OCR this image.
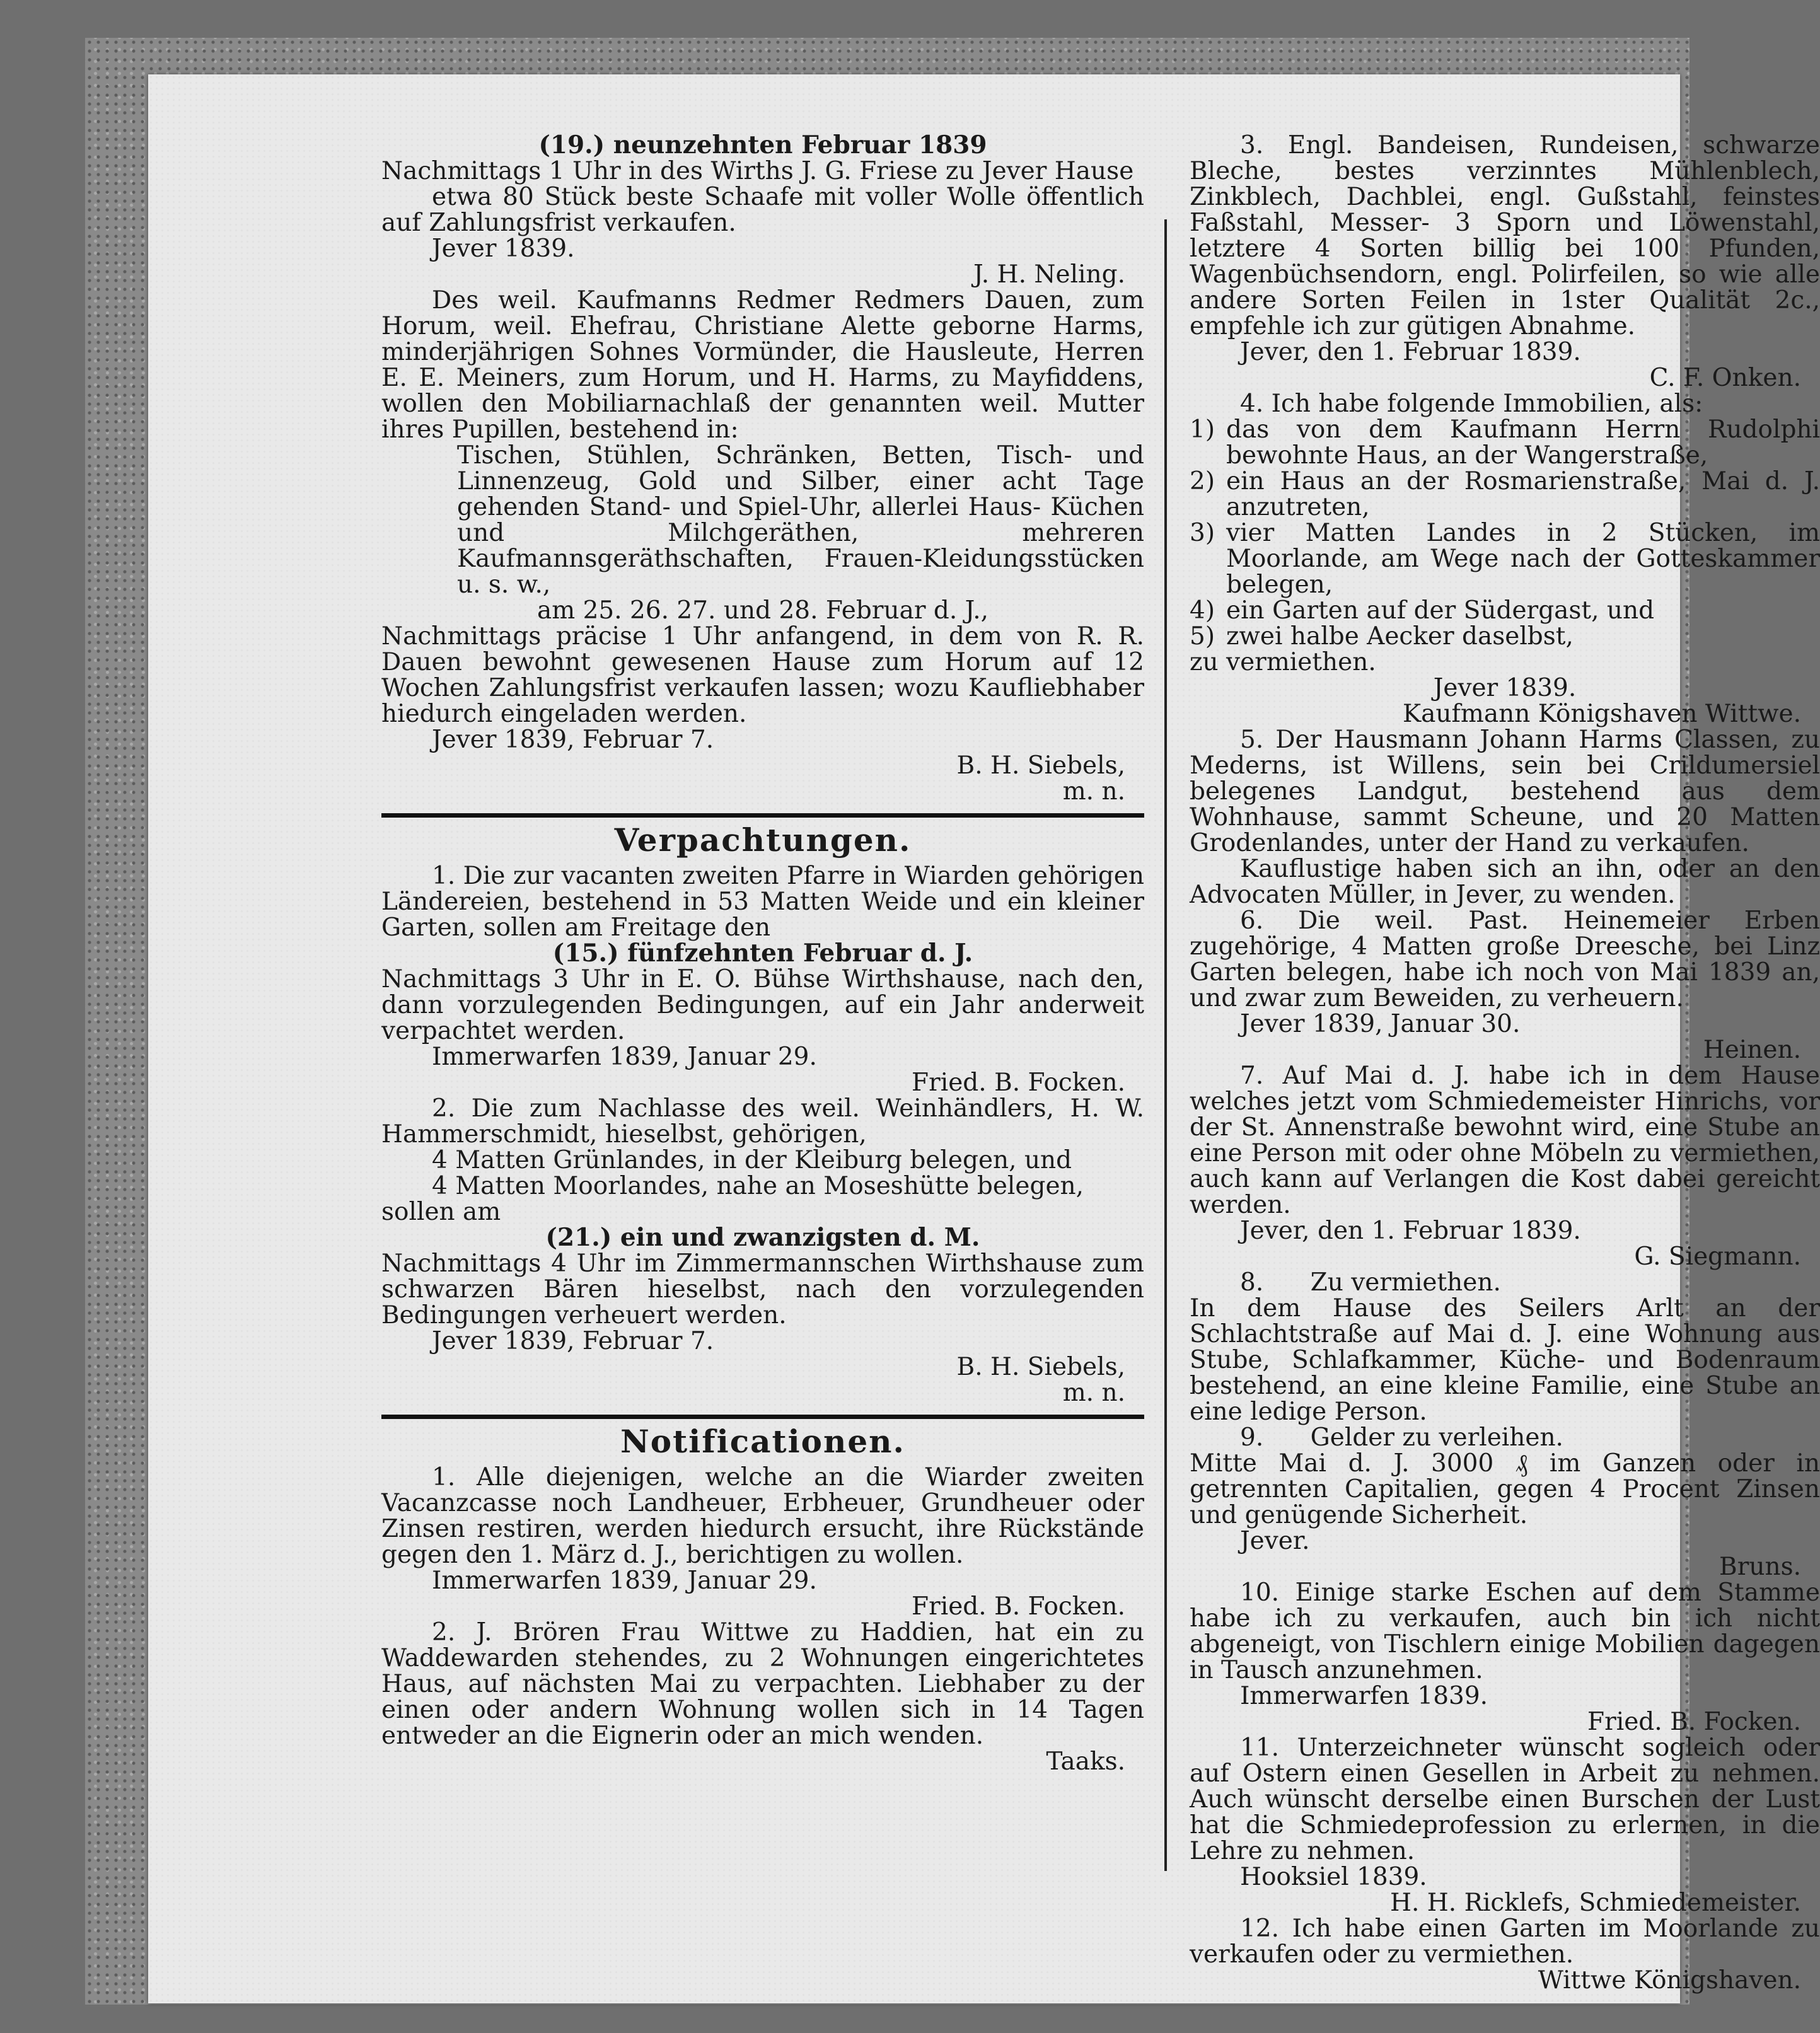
(19.) neunzehnten Februar 1839

Nachmittags 1 Uhr in des Wirths J. G. Friese zu Jever Hause

etwa 80 Stück beste Schaafe mit voller Wolle öffentlich auf Zahlungsfrist verkaufen.

Jever 1839.

J. H. Neling.

Des weil. Kaufmanns Redmer Redmers Dauen, zum Horum, weil. Ehefrau, Christiane Alette geborne Harms, minderjährigen Sohnes Vormünder, die Hausleute, Herren E. E. Meiners, zum Horum, und H. Harms, zu Mayfiddens, wollen den Mobiliarnachlaß der genannten weil. Mutter ihres Pupillen, bestehend in:

Tischen, Stühlen, Schränken, Betten, Tisch- und Linnenzeug, Gold und Silber, einer acht Tage gehenden Stand- und Spiel-Uhr, allerlei Haus- Küchen und Milchgeräthen, mehreren Kaufmannsgeräthschaften, Frauen-Kleidungsstücken u. s. w.,

am 25. 26. 27. und 28. Februar d. J.,

Nachmittags präcise 1 Uhr anfangend, in dem von R. R. Dauen bewohnt gewesenen Hause zum Horum auf 12 Wochen Zahlungsfrist verkaufen lassen; wozu Kaufliebhaber hiedurch eingeladen werden.

Jever 1839, Februar 7.

B. H. Siebels,

m. n.

Verpachtungen.

1. Die zur vacanten zweiten Pfarre in Wiarden gehörigen Ländereien, bestehend in 53 Matten Weide und ein kleiner Garten, sollen am Freitage den

(15.) fünfzehnten Februar d. J.

Nachmittags 3 Uhr in E. O. Bühse Wirthshause, nach den, dann vorzulegenden Bedingungen, auf ein Jahr anderweit verpachtet werden.

Immerwarfen 1839, Januar 29.

Fried. B. Focken.

2. Die zum Nachlasse des weil. Weinhändlers, H. W. Hammerschmidt, hieselbst, gehörigen,

4 Matten Grünlandes, in der Kleiburg belegen, und

4 Matten Moorlandes, nahe an Moseshütte belegen,

sollen am

(21.) ein und zwanzigsten d. M.

Nachmittags 4 Uhr im Zimmermannschen Wirthshause zum schwarzen Bären hieselbst, nach den vorzulegenden Bedingungen verheuert werden.

Jever 1839, Februar 7.

B. H. Siebels,

m. n.

Notificationen.

1. Alle diejenigen, welche an die Wiarder zweiten Vacanzcasse noch Landheuer, Erbheuer, Grundheuer oder Zinsen restiren, werden hiedurch ersucht, ihre Rückstände gegen den 1. März d. J., berichtigen zu wollen.

Immerwarfen 1839, Januar 29.

Fried. B. Focken.

2. J. Brören Frau Wittwe zu Haddien, hat ein zu Waddewarden stehendes, zu 2 Wohnungen eingerichtetes Haus, auf nächsten Mai zu verpachten. Liebhaber zu der einen oder andern Wohnung wollen sich in 14 Tagen entweder an die Eignerin oder an mich wenden.

Taaks.

3. Engl. Bandeisen, Rundeisen, schwarze Bleche, bestes verzinntes Mühlenblech, Zinkblech, Dachblei, engl. Gußstahl, feinstes Faßstahl, Messer- 3 Sporn und Löwenstahl, letztere 4 Sorten billig bei 100 Pfunden, Wagenbüchsendorn, engl. Polirfeilen, so wie alle andere Sorten Feilen in 1ster Qualität 2c., empfehle ich zur gütigen Abnahme.

Jever, den 1. Februar 1839.

C. F. Onken.

4. Ich habe folgende Immobilien, als:

1) das von dem Kaufmann Herrn Rudolphi bewohnte Haus, an der Wangerstraße,
2) ein Haus an der Rosmarienstraße, Mai d. J. anzutreten,
3) vier Matten Landes in 2 Stücken, im Moorlande, am Wege nach der Gotteskammer belegen,
4) ein Garten auf der Südergast, und
5) zwei halbe Aecker daselbst,

zu vermiethen.

Jever 1839.

Kaufmann Königshaven Wittwe.

5. Der Hausmann Johann Harms Classen, zu Mederns, ist Willens, sein bei Crildumersiel belegenes Landgut, bestehend aus dem Wohnhause, sammt Scheune, und 20 Matten Grodenlandes, unter der Hand zu verkaufen.

Kauflustige haben sich an ihn, oder an den Advocaten Müller, in Jever, zu wenden.

6. Die weil. Past. Heinemeier Erben zugehörige, 4 Matten große Dreesche, bei Linz Garten belegen, habe ich noch von Mai 1839 an, und zwar zum Beweiden, zu verheuern.

Jever 1839, Januar 30.

Heinen.

7. Auf Mai d. J. habe ich in dem Hause welches jetzt vom Schmiedemeister Hinrichs, vor der St. Annenstraße bewohnt wird, eine Stube an eine Person mit oder ohne Möbeln zu vermiethen, auch kann auf Verlangen die Kost dabei gereicht werden.

Jever, den 1. Februar 1839.

G. Siegmann.

8. Zu vermiethen.

In dem Hause des Seilers Arlt an der Schlachtstraße auf Mai d. J. eine Wohnung aus Stube, Schlafkammer, Küche- und Bodenraum bestehend, an eine kleine Familie, eine Stube an eine ledige Person.

9. Gelder zu verleihen.

Mitte Mai d. J. 3000 ₰ im Ganzen oder in getrennten Capitalien, gegen 4 Procent Zinsen und genügende Sicherheit.

Jever.

Bruns.

10. Einige starke Eschen auf dem Stamme habe ich zu verkaufen, auch bin ich nicht abgeneigt, von Tischlern einige Mobilien dagegen in Tausch anzunehmen.

Immerwarfen 1839.

Fried. B. Focken.

11. Unterzeichneter wünscht sogleich oder auf Ostern einen Gesellen in Arbeit zu nehmen. Auch wünscht derselbe einen Burschen der Lust hat die Schmiedeprofession zu erlernen, in die Lehre zu nehmen.

Hooksiel 1839.

H. H. Ricklefs, Schmiedemeister.

12. Ich habe einen Garten im Moorlande zu verkaufen oder zu vermiethen.

Wittwe Königshaven.
